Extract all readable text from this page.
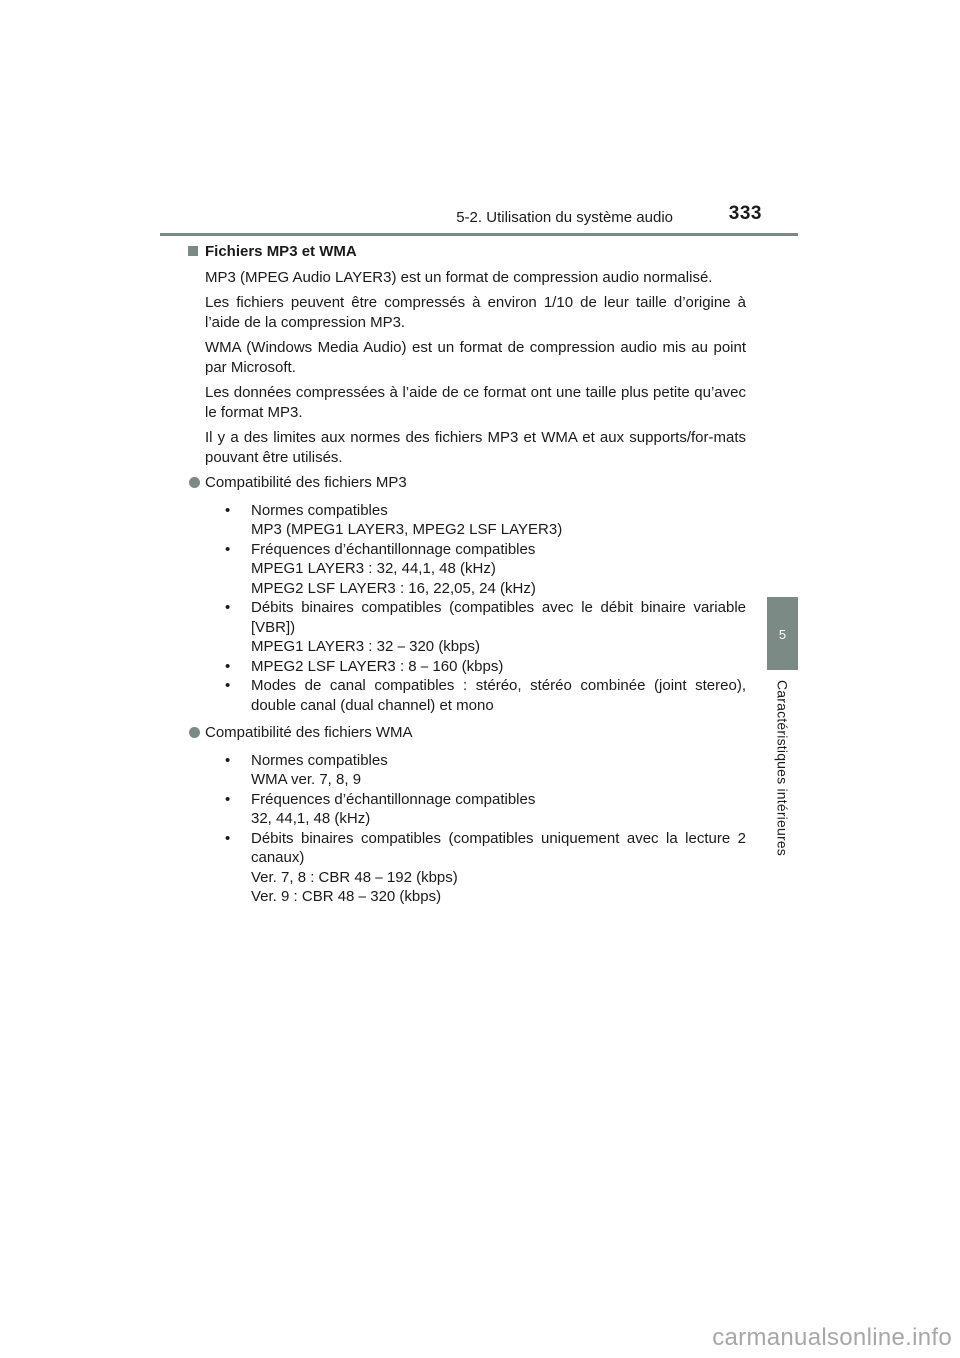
5-2. Utilisation du système audio	333
5
Caractéristiques intérieures
Fichiers MP3 et WMA

MP3 (MPEG Audio LAYER3) est un format de compression audio normalisé.

Les fichiers peuvent être compressés à environ 1/10 de leur taille d’origine à l’aide de la compression MP3.

WMA (Windows Media Audio) est un format de compression audio mis au point par Microsoft.

Les données compressées à l’aide de ce format ont une taille plus petite qu’avec le format MP3.

Il y a des limites aux normes des fichiers MP3 et WMA et aux supports/for-mats pouvant être utilisés.

Compatibilité des fichiers MP3
• Normes compatibles
MP3 (MPEG1 LAYER3, MPEG2 LSF LAYER3)
• Fréquences d’échantillonnage compatibles
MPEG1 LAYER3 : 32, 44,1, 48 (kHz)
MPEG2 LSF LAYER3 : 16, 22,05, 24 (kHz)
• Débits binaires compatibles (compatibles avec le débit binaire variable [VBR])
MPEG1 LAYER3 : 32 ⎯ 320 (kbps)
• MPEG2 LSF LAYER3 : 8 ⎯ 160 (kbps)
• Modes de canal compatibles : stéréo, stéréo combinée (joint stereo), double canal (dual channel) et mono
Compatibilité des fichiers WMA
• Normes compatibles
WMA ver. 7, 8, 9
• Fréquences d’échantillonnage compatibles
32, 44,1, 48 (kHz)
• Débits binaires compatibles (compatibles uniquement avec la lecture 2 canaux)
Ver. 7, 8 : CBR 48 ⎯ 192 (kbps)
Ver. 9 : CBR 48 ⎯ 320 (kbps)
carmanualsonline.info
